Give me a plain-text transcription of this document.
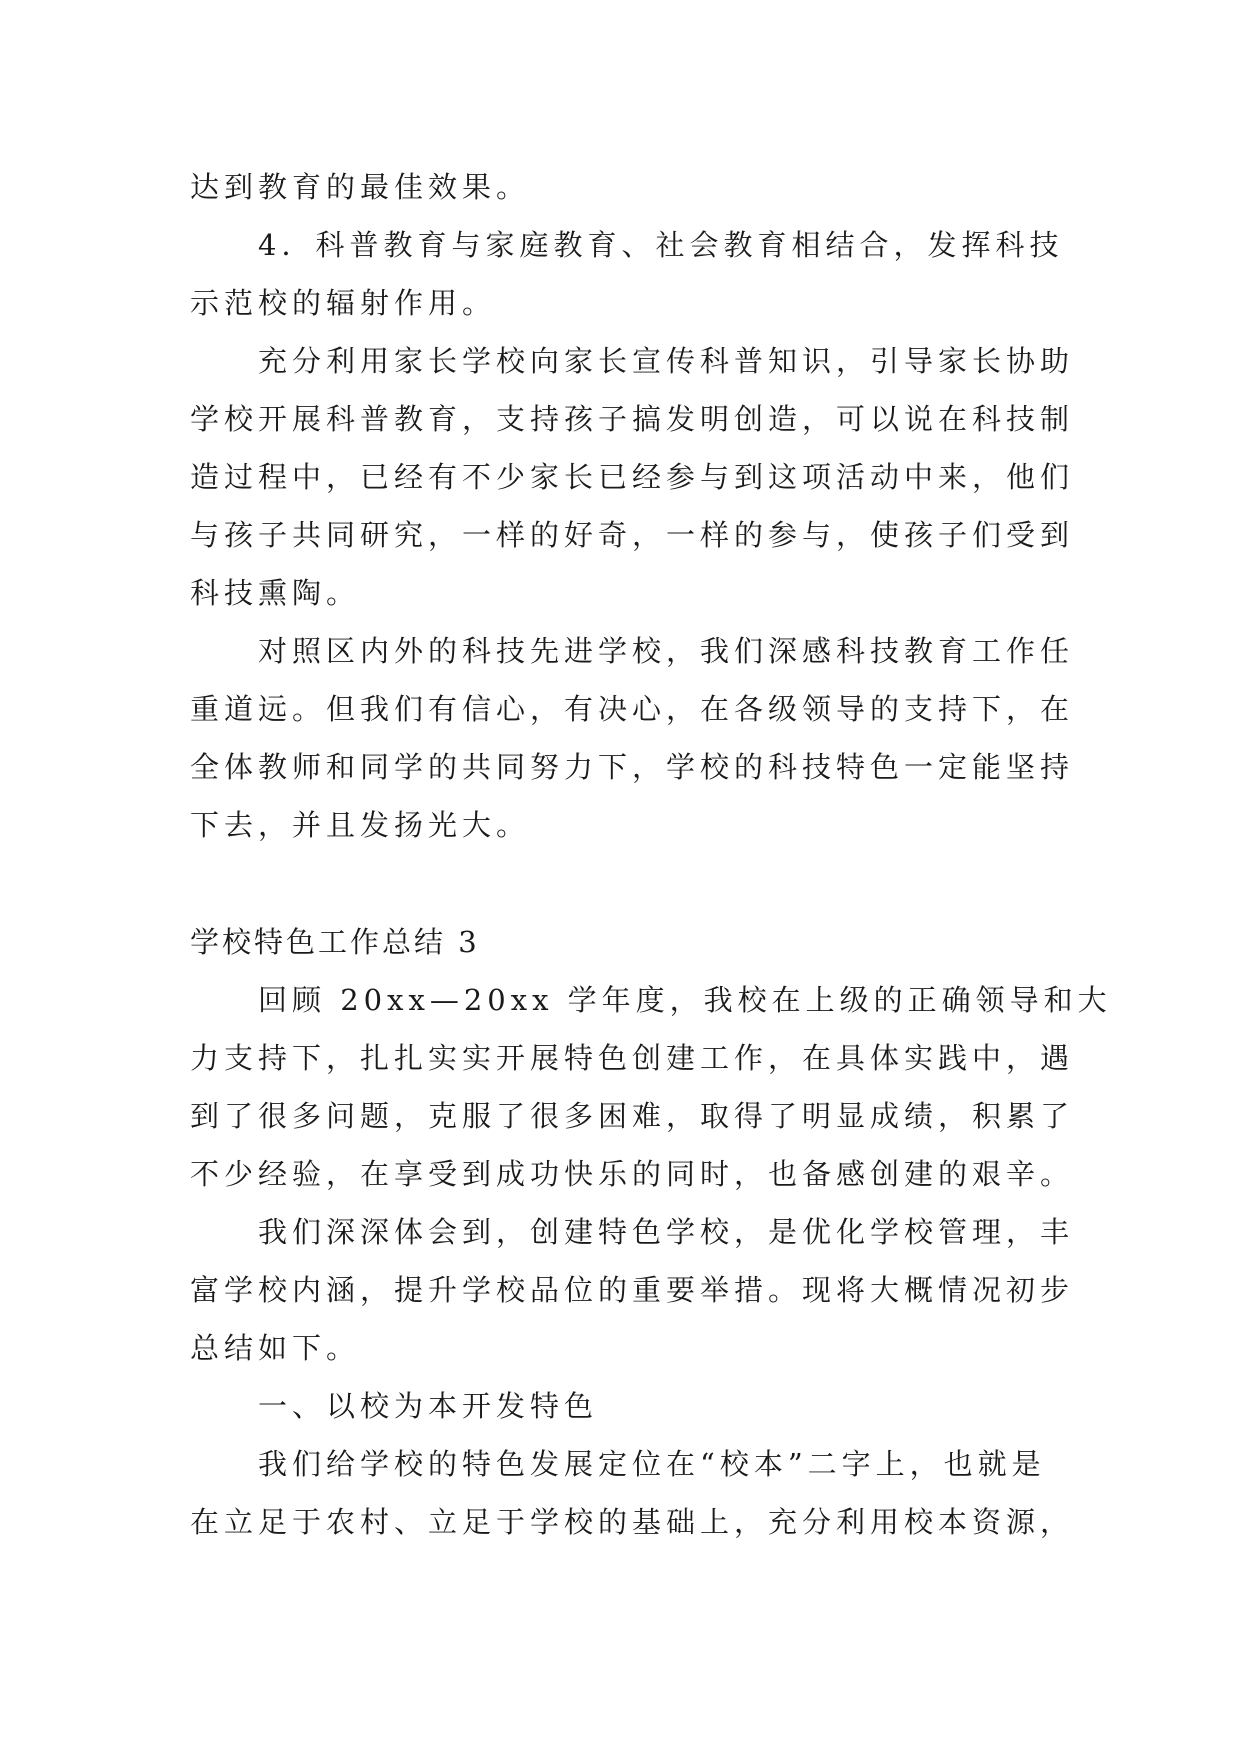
达到教育的最佳效果。
4．科普教育与家庭教育、社会教育相结合，发挥科技
示范校的辐射作用。
充分利用家长学校向家长宣传科普知识，引导家长协助
学校开展科普教育，支持孩子搞发明创造，可以说在科技制
造过程中，已经有不少家长已经参与到这项活动中来，他们
与孩子共同研究，一样的好奇，一样的参与，使孩子们受到
科技熏陶。
对照区内外的科技先进学校，我们深感科技教育工作任
重道远。但我们有信心，有决心，在各级领导的支持下，在
全体教师和同学的共同努力下，学校的科技特色一定能坚持
下去，并且发扬光大。
学校特色工作总结 3
回顾 20xx—20xx 学年度，我校在上级的正确领导和大
力支持下，扎扎实实开展特色创建工作，在具体实践中，遇
到了很多问题，克服了很多困难，取得了明显成绩，积累了
不少经验，在享受到成功快乐的同时，也备感创建的艰辛。
我们深深体会到，创建特色学校，是优化学校管理，丰
富学校内涵，提升学校品位的重要举措。现将大概情况初步
总结如下。
一、以校为本开发特色
我们给学校的特色发展定位在“校本”二字上，也就是
在立足于农村、立足于学校的基础上，充分利用校本资源，
